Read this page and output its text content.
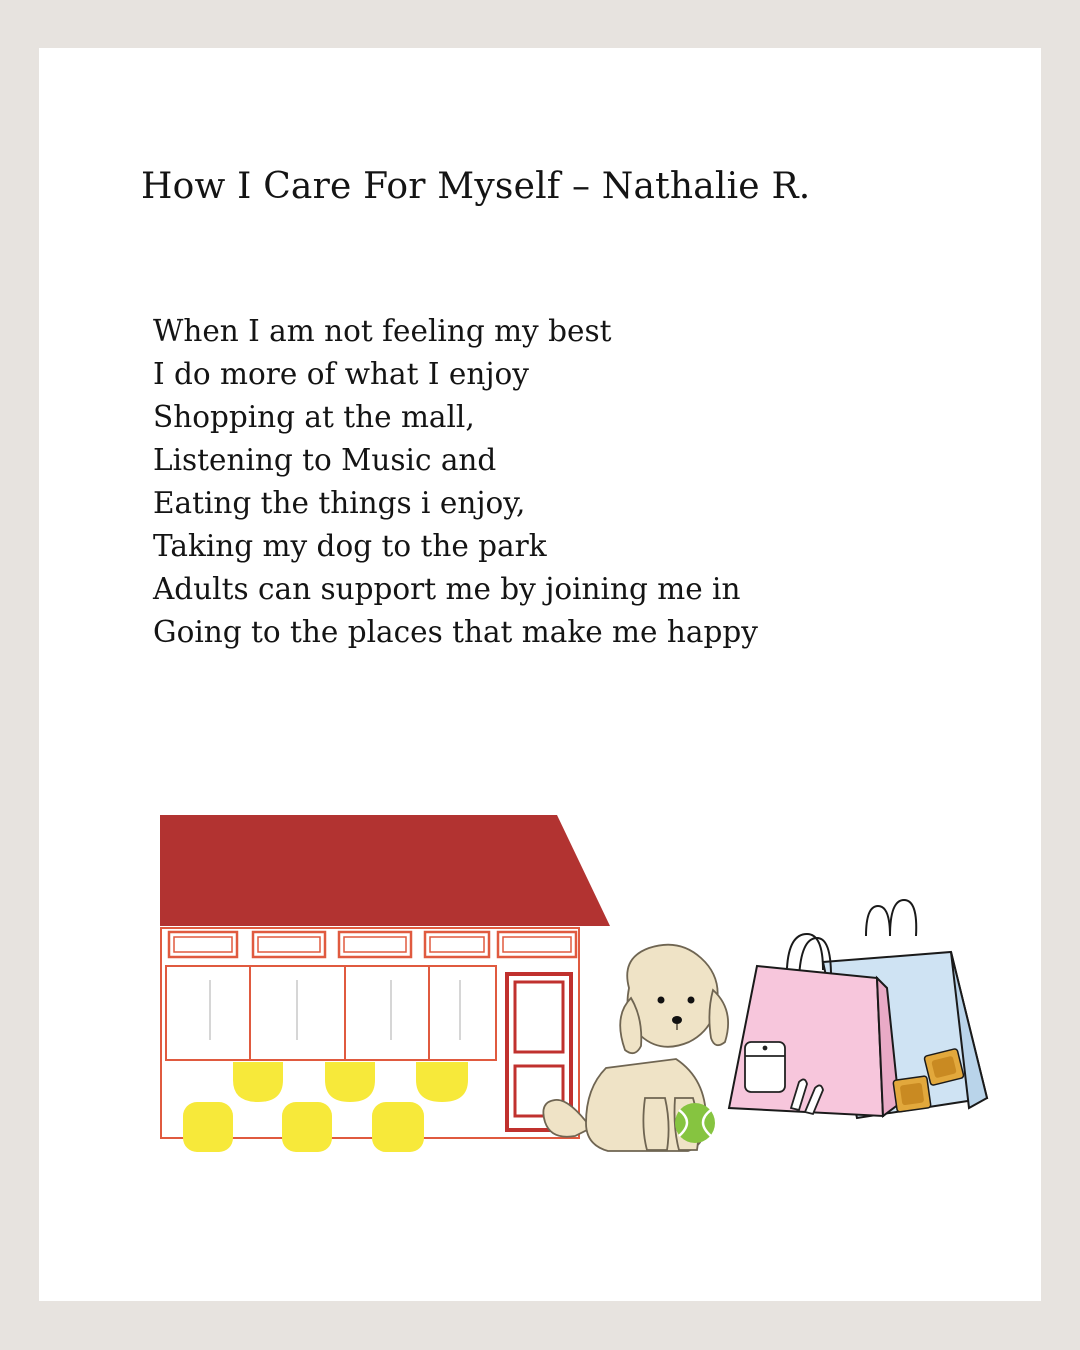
How I Care For Myself – Nathalie R.
When I am not feeling my best
I do more of what I enjoy
Shopping at the mall,
Listening to Music and
Eating the things i enjoy,
Taking my dog to the park
Adults can support me by joining me in
Going to the places that make me happy
